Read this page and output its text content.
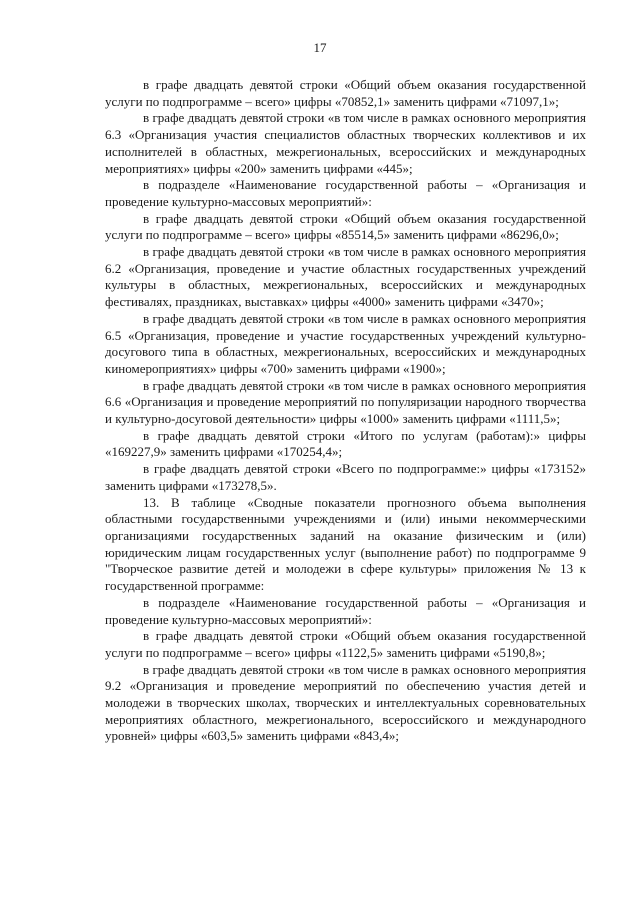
17

в графе двадцать девятой строки «Общий объем оказания государственной услуги по подпрограмме – всего» цифры «70852,1» заменить цифрами «71097,1»;

в графе двадцать девятой строки «в том числе в рамках основного мероприятия 6.3 «Организация участия специалистов областных творческих коллективов и их исполнителей в областных, межрегиональных, всероссийских и международных мероприятиях» цифры «200» заменить цифрами «445»;

в подразделе «Наименование государственной работы – «Организация и проведение культурно-массовых мероприятий»:

в графе двадцать девятой строки «Общий объем оказания государственной услуги по подпрограмме – всего» цифры «85514,5» заменить цифрами «86296,0»;

в графе двадцать девятой строки «в том числе в рамках основного мероприятия 6.2 «Организация, проведение и участие областных государственных учреждений культуры в областных, межрегиональных, всероссийских и международных фестивалях, праздниках, выставках» цифры «4000» заменить цифрами «3470»;

в графе двадцать девятой строки «в том числе в рамках основного мероприятия 6.5 «Организация, проведение и участие государственных учреждений культурно-досугового типа в областных, межрегиональных, всероссийских и международных киномероприятиях» цифры «700» заменить цифрами «1900»;

в графе двадцать девятой строки «в том числе в рамках основного мероприятия 6.6 «Организация и проведение мероприятий по популяризации народного творчества и культурно-досуговой деятельности» цифры «1000» заменить цифрами «1111,5»;

в графе двадцать девятой строки «Итого по услугам (работам):» цифры «169227,9» заменить цифрами «170254,4»;

в графе двадцать девятой строки «Всего по подпрограмме:» цифры «173152» заменить цифрами «173278,5».

13. В таблице «Сводные показатели прогнозного объема выполнения областными государственными учреждениями и (или) иными некоммерческими организациями государственных заданий на оказание физическим и (или) юридическим лицам государственных услуг (выполнение работ) по подпрограмме 9 "Творческое развитие детей и молодежи в сфере культуры» приложения № 13 к государственной программе:

в подразделе «Наименование государственной работы – «Организация и проведение культурно-массовых мероприятий»:

в графе двадцать девятой строки «Общий объем оказания государственной услуги по подпрограмме – всего» цифры «1122,5» заменить цифрами «5190,8»;

в графе двадцать девятой строки «в том числе в рамках основного мероприятия 9.2 «Организация и проведение мероприятий по обеспечению участия детей и молодежи в творческих школах, творческих и интеллектуальных соревновательных мероприятиях областного, межрегионального, всероссийского и международного уровней» цифры «603,5» заменить цифрами «843,4»;
